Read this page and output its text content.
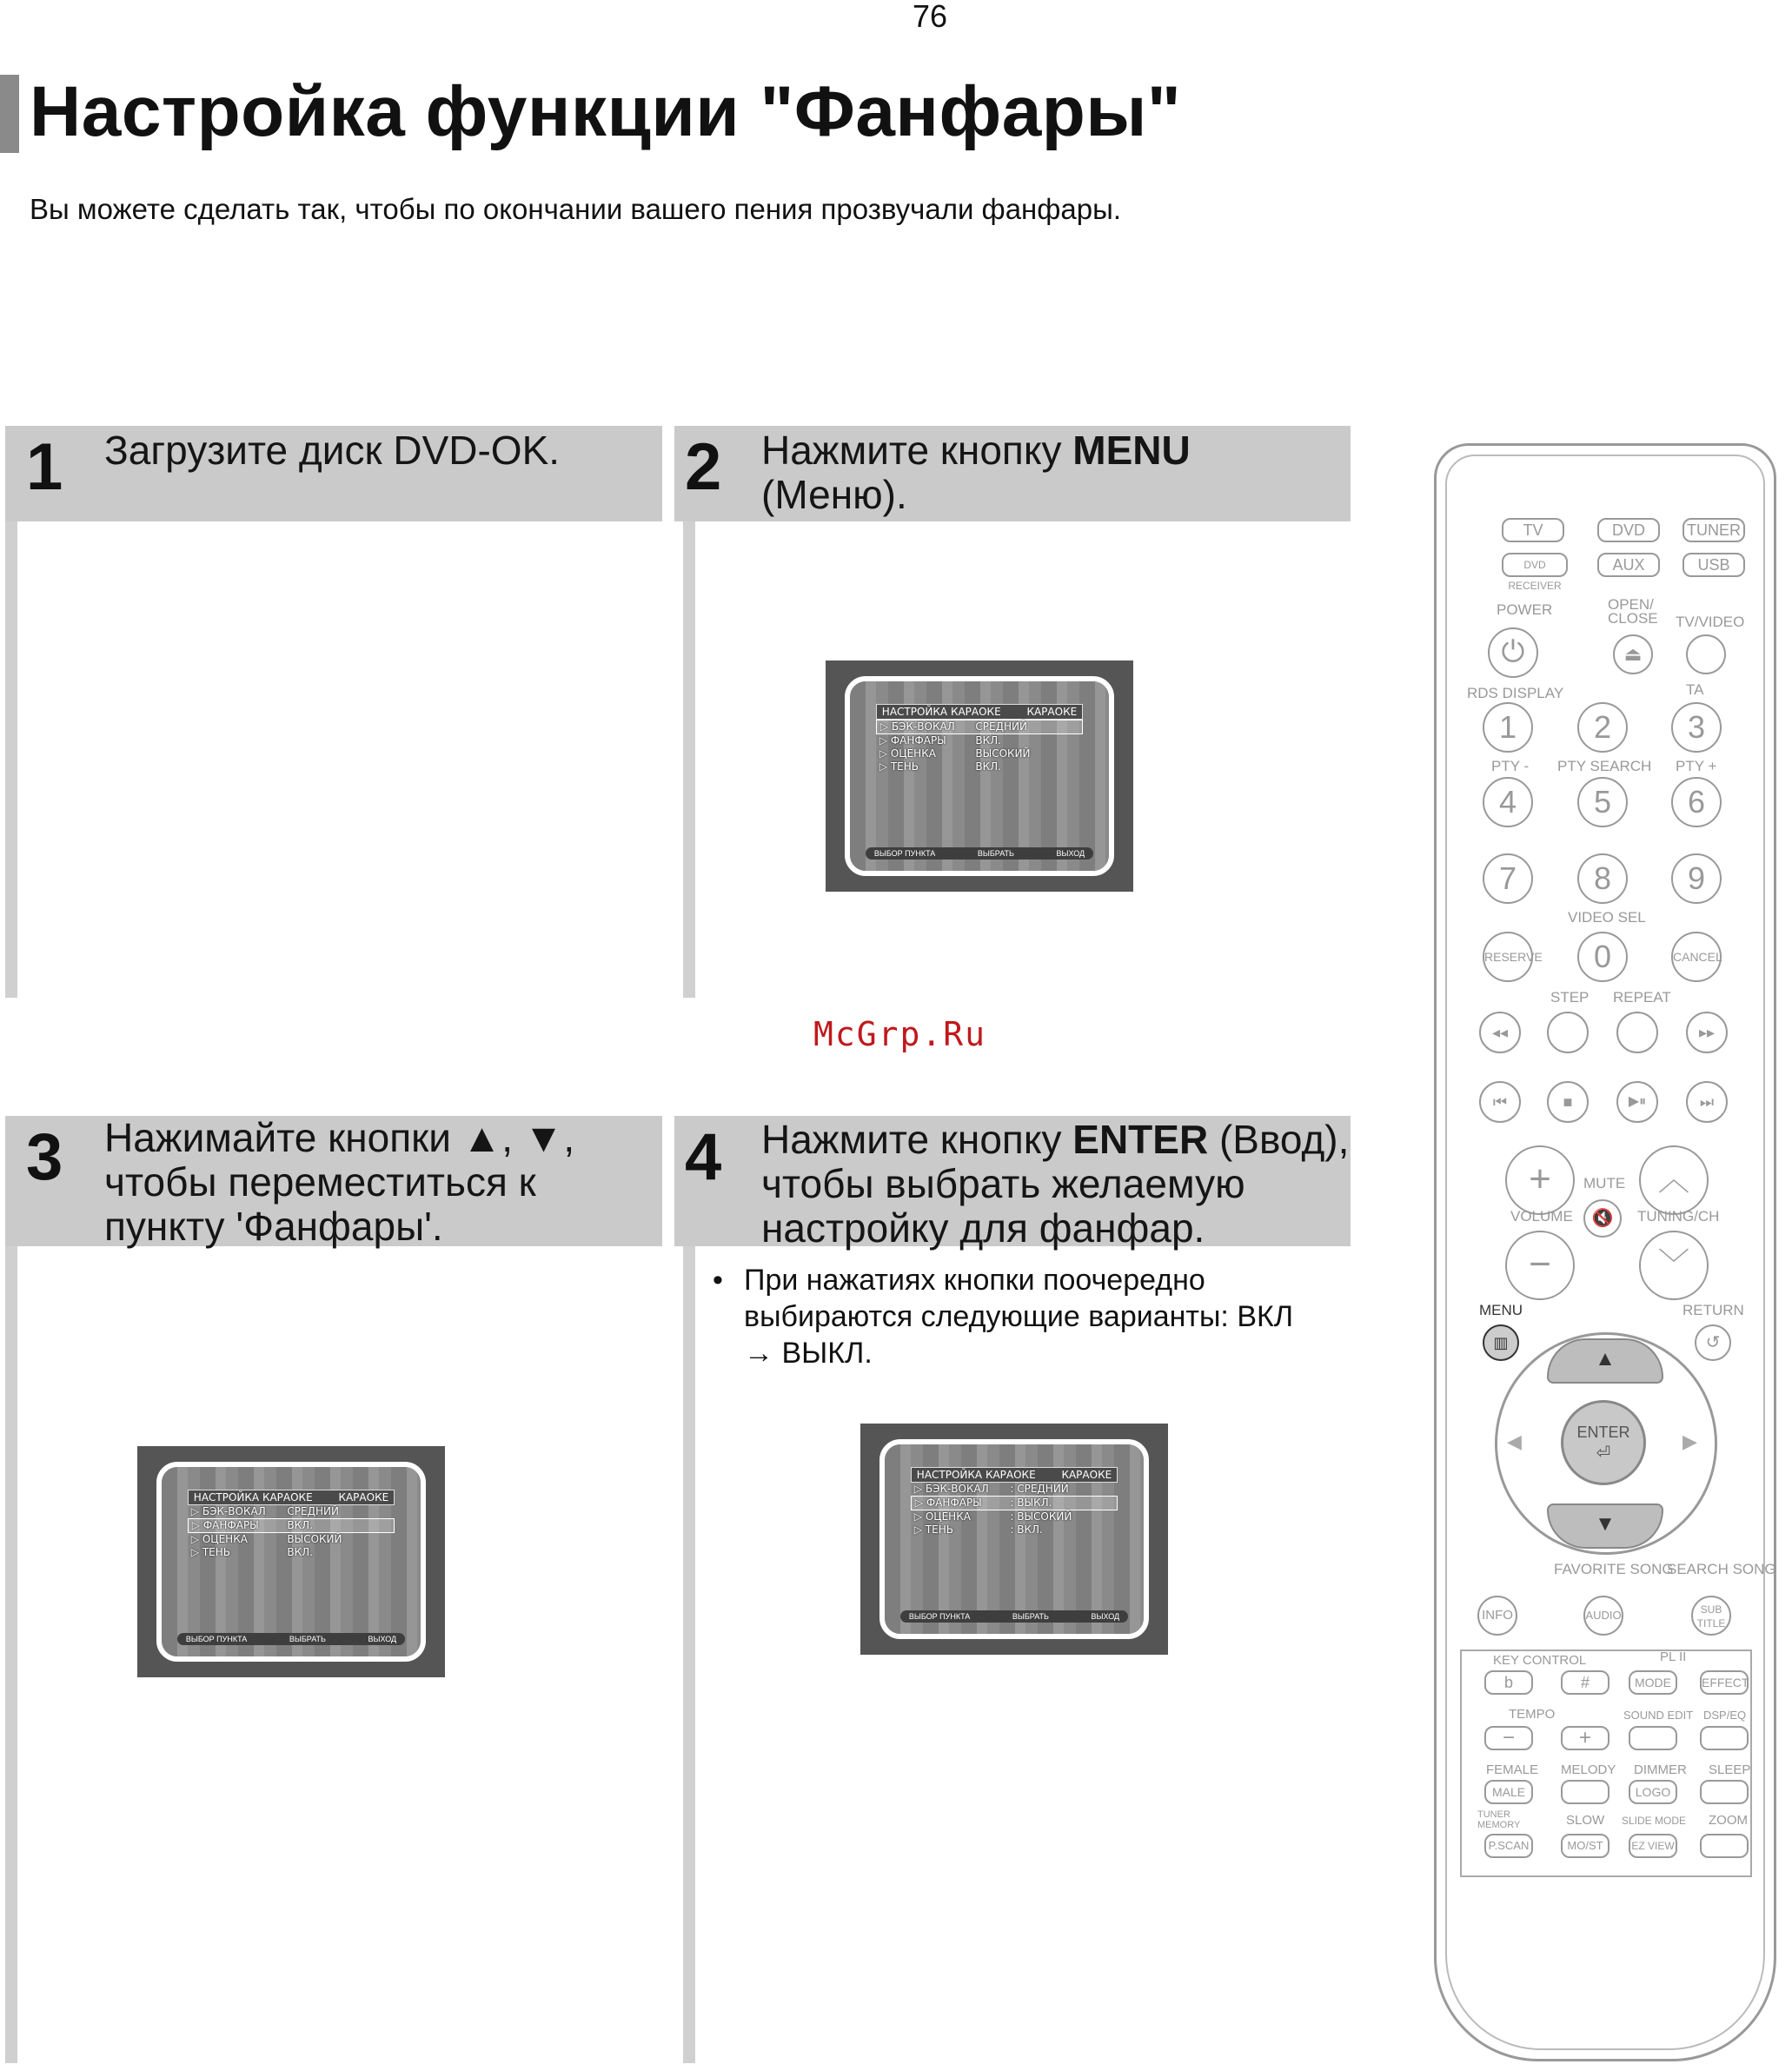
76
Настройка функции "Фанфары"
Вы можете сделать так, чтобы по окончании вашего пения прозвучали фанфары.
1 Загрузите диск DVD-OK.	2 Нажмите кнопку MENU
(Меню).
НАСТРОЙКА КАРАОКЕ КАРАОКЕ
▷ БЭК-ВОКАЛ	СРЕДНИЙ
▷ ФАНФАРЫ	ВКЛ.
▷ ОЦЕНКА	ВЫСОКИЙ
▷ ТЕНЬ	ВКЛ.
ВЫБОР ПУНКТА	ВЫБРАТЬ	ВЫХОД
McGrp.Ru
3 Нажимайте кнопки ▲, ▼, чтобы переместиться к пункту 'Фанфары'.
НАСТРОЙКА КАРАОКЕ КАРАОКЕ
▷ БЭК-ВОКАЛ	СРЕДНИЙ
▷ ФАНФАРЫ	ВКЛ.
▷ ОЦЕНКА	ВЫСОКИЙ
▷ ТЕНЬ	ВКЛ.
ВЫБОР ПУНКТА	ВЫБРАТЬ	ВЫХОД
4 Нажмите кнопку ENTER (Ввод), чтобы выбрать желаемую настройку для фанфар.
• При нажатиях кнопки поочередно выбираются следующие варианты: ВКЛ → ВЫКЛ.
НАСТРОЙКА КАРАОКЕ КАРАОКЕ
▷ БЭК-ВОКАЛ	: СРЕДНИЙ
▷ ФАНФАРЫ	: ВЫКЛ.
▷ ОЦЕНКА	: ВЫСОКИЙ
▷ ТЕНЬ	: ВКЛ.
ВЫБОР ПУНКТА	ВЫБРАТЬ	ВЫХОД
TV	DVD	TUNER
DVD RECEIVER
AUX	USB
POWER	OPEN/
CLOSE TV/VIDEO
⏻	⏏
RDS DISPLAY	TA
1	2	3
PTY - PTY SEARCH PTY +
4	5	6
7	8	9
VIDEO SEL
RESERVE	0	CANCEL
STEP REPEAT
◂◂	▸▸
⏮	■	▶⏸	⏭
+	︿
MUTE
🔇
VOLUME	TUNING/CH
−	﹀
MENU	RETURN
▥	↺
▲
▼
◀	▶
ENTER
⏎
FAVORITE SONG
SEARCH SONG
INFO	AUDIO	SUB TITLE
KEY CONTROL	PL II
b	#	MODE	EFFECT
TEMPO	SOUND EDIT DSP/EQ
−	+
FEMALE MELODY DIMMER SLEEP
MALE	LOGO
TUNER MEMORY	SLOW SLIDE MODE ZOOM
P.SCAN	MO/ST	EZ VIEW
